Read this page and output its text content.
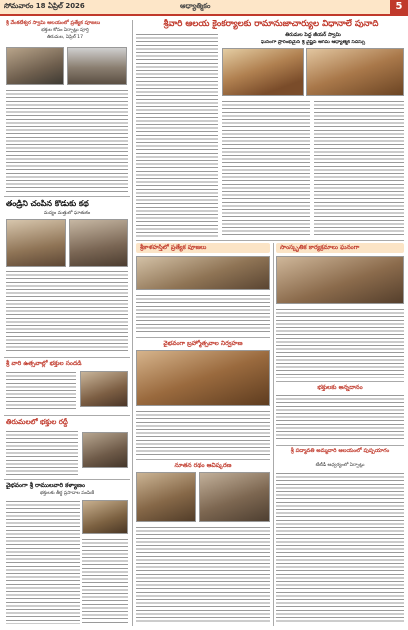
సోమవారం 18 ఏప్రిల్ 2026	ఆధ్యాత్మికం	5
శ్రీ వేంకటేశ్వర స్వామి ఆలయంలో ప్రత్యేక పూజలు
భక్తుల కోసం ఏర్పాట్లు పూర్తి
తిరుమల, ఏప్రిల్ 17
తండ్రిని చంపిన కొడుకు కథ
మద్యం మత్తులో ఘాతుకం
శ్రీ వారి ఉత్సవాల్లో భక్తుల సందడి
తిరుమలలో భక్తుల రద్దీ
వైభవంగా శ్రీ రాములవారి కళ్యాణం
భక్తులకు తీర్థ ప్రసాదాల పంపిణీ
శ్రీవారి ఆలయ కైంకర్యాలకు రామానుజాచార్యుల విధానాలే పునాది
తిరుమల పెద్ద జీయర్ స్వామి
ఘనంగా ప్రారంభమైన శ్రీ వైష్ణవ ఆగమ ఆధ్యాత్మిక సదస్సు
శ్రీకాళహస్తిలో ప్రత్యేక పూజలు
వైభవంగా బ్రహ్మోత్సవాల నిర్వహణ
నూతన రథం ఆవిష్కరణ
సాంస్కృతిక కార్యక్రమాలు ఘనంగా
భక్తులకు అన్నదానం
శ్రీ పద్మావతి అమ్మవారి ఆలయంలో పుష్పయాగం
టీటీడీ ఆధ్వర్యంలో ఏర్పాట్లు
